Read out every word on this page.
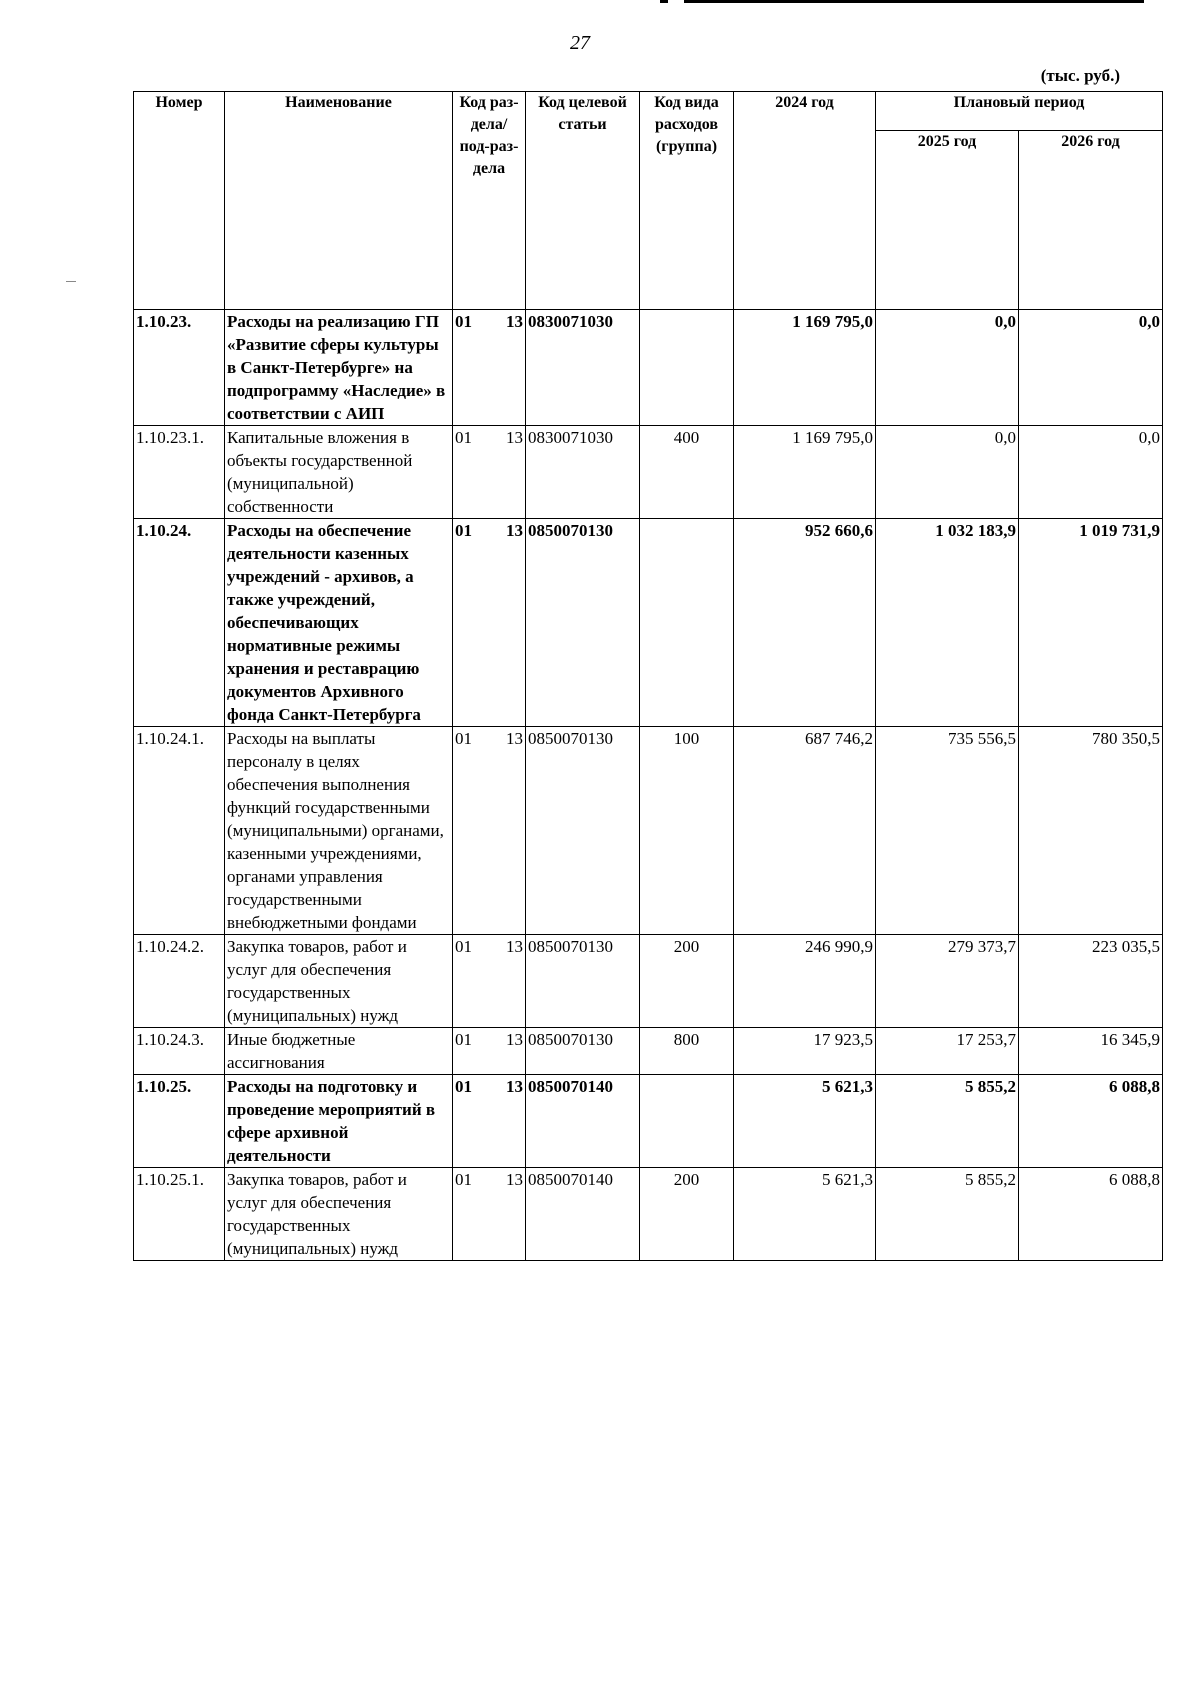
27
(тыс. руб.)
Номер	Наименование	Код раз-дела/ под-раз-дела	Код целевой статьи	Код вида расходов (группа)	2024 год	Плановый период	
						2025 год	2026 год
1.10.23.	Расходы на реализацию ГП «Развитие сферы культуры в Санкт-Петербурге» на подпрограмму «Наследие» в соответствии с АИП	01 13	0830071030		1 169 795,0	0,0	0,0
1.10.23.1.	Капитальные вложения в объекты государственной (муниципальной) собственности	01 13	0830071030	400	1 169 795,0	0,0	0,0
1.10.24.	Расходы на обеспечение деятельности казенных учреждений - архивов, а также учреждений, обеспечивающих нормативные режимы хранения и реставрацию документов Архивного фонда Санкт-Петербурга	01 13	0850070130		952 660,6	1 032 183,9	1 019 731,9
1.10.24.1.	Расходы на выплаты персоналу в целях обеспечения выполнения функций государственными (муниципальными) органами, казенными учреждениями, органами управления государственными внебюджетными фондами	01 13	0850070130	100	687 746,2	735 556,5	780 350,5
1.10.24.2.	Закупка товаров, работ и услуг для обеспечения государственных (муниципальных) нужд	01 13	0850070130	200	246 990,9	279 373,7	223 035,5
1.10.24.3.	Иные бюджетные ассигнования	01 13	0850070130	800	17 923,5	17 253,7	16 345,9
1.10.25.	Расходы на подготовку и проведение мероприятий в сфере архивной деятельности	01 13	0850070140		5 621,3	5 855,2	6 088,8
1.10.25.1.	Закупка товаров, работ и услуг для обеспечения государственных (муниципальных) нужд	01 13	0850070140	200	5 621,3	5 855,2	6 088,8
